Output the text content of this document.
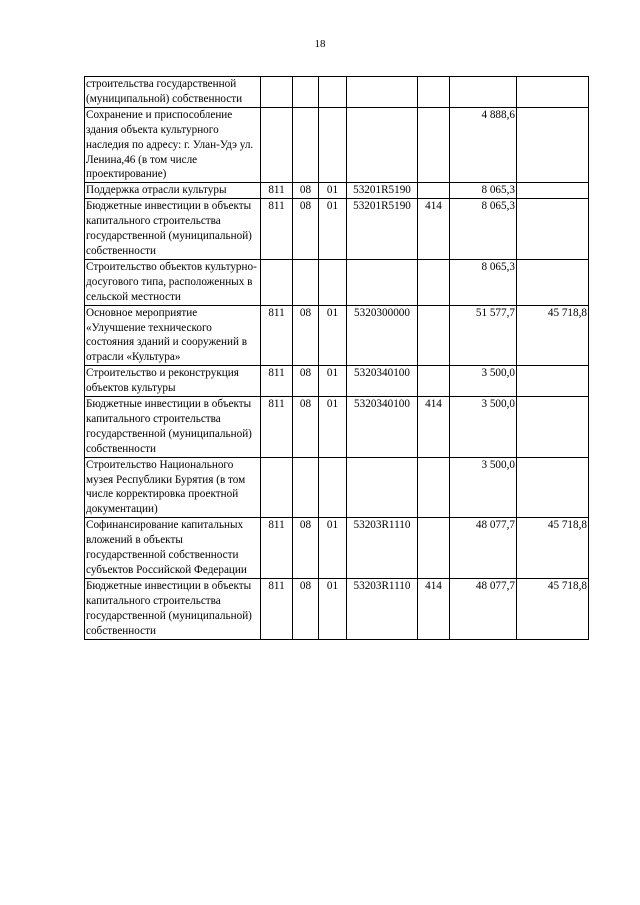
18
строительства государственной (муниципальной) собственности							
Сохранение и приспособление здания объекта культурного наследия по адресу: г. Улан-Удэ ул. Ленина,46 (в том числе проектирование)						4 888,6	
Поддержка отрасли культуры	811	08	01	53201R5190		8 065,3	
Бюджетные инвестиции в объекты капитального строительства государственной (муниципальной) собственности	811	08	01	53201R5190	414	8 065,3	
Строительство объектов культурно-досугового типа, расположенных в сельской местности						8 065,3	
Основное мероприятие «Улучшение технического состояния зданий и сооружений в отрасли «Культура»	811	08	01	5320300000		51 577,7	45 718,8
Строительство и реконструкция объектов культуры	811	08	01	5320340100		3 500,0	
Бюджетные инвестиции в объекты капитального строительства государственной (муниципальной) собственности	811	08	01	5320340100	414	3 500,0	
Строительство Национального музея Республики Бурятия (в том числе корректировка проектной документации)						3 500,0	
Софинансирование капитальных вложений в объекты государственной собственности субъектов Российской Федерации	811	08	01	53203R1110		48 077,7	45 718,8
Бюджетные инвестиции в объекты капитального строительства государственной (муниципальной) собственности	811	08	01	53203R1110	414	48 077,7	45 718,8
